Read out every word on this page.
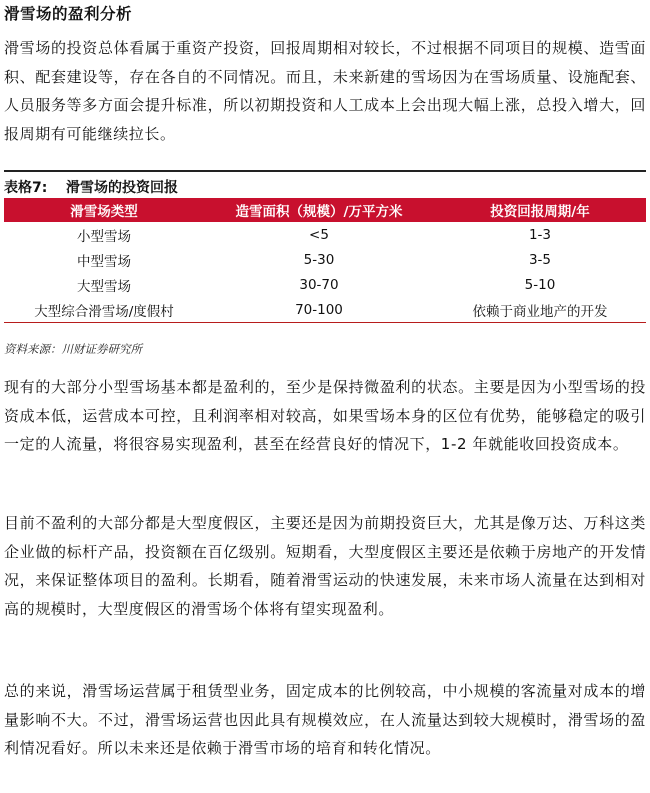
滑雪场的盈利分析
滑雪场的投资总体看属于重资产投资，回报周期相对较长，不过根据不同项目的规模、造雪面积、配套建设等，存在各自的不同情况。而且，未来新建的雪场因为在雪场质量、设施配套、人员服务等多方面会提升标准，所以初期投资和人工成本上会出现大幅上涨，总投入增大，回报周期有可能继续拉长。
表格7: 滑雪场的投资回报
滑雪场类型	造雪面积（规模）/万平方米	投资回报周期/年
小型雪场	<5	1-3
中型雪场	5-30	3-5
大型雪场	30-70	5-10
大型综合滑雪场/度假村	70-100	依赖于商业地产的开发
资料来源：川财证券研究所
现有的大部分小型雪场基本都是盈利的，至少是保持微盈利的状态。主要是因为小型雪场的投资成本低，运营成本可控，且利润率相对较高，如果雪场本身的区位有优势，能够稳定的吸引一定的人流量，将很容易实现盈利，甚至在经营良好的情况下，1-2 年就能收回投资成本。
目前不盈利的大部分都是大型度假区，主要还是因为前期投资巨大，尤其是像万达、万科这类企业做的标杆产品，投资额在百亿级别。短期看，大型度假区主要还是依赖于房地产的开发情况，来保证整体项目的盈利。长期看，随着滑雪运动的快速发展，未来市场人流量在达到相对高的规模时，大型度假区的滑雪场个体将有望实现盈利。
总的来说，滑雪场运营属于租赁型业务，固定成本的比例较高，中小规模的客流量对成本的增量影响不大。不过，滑雪场运营也因此具有规模效应，在人流量达到较大规模时，滑雪场的盈利情况看好。所以未来还是依赖于滑雪市场的培育和转化情况。
